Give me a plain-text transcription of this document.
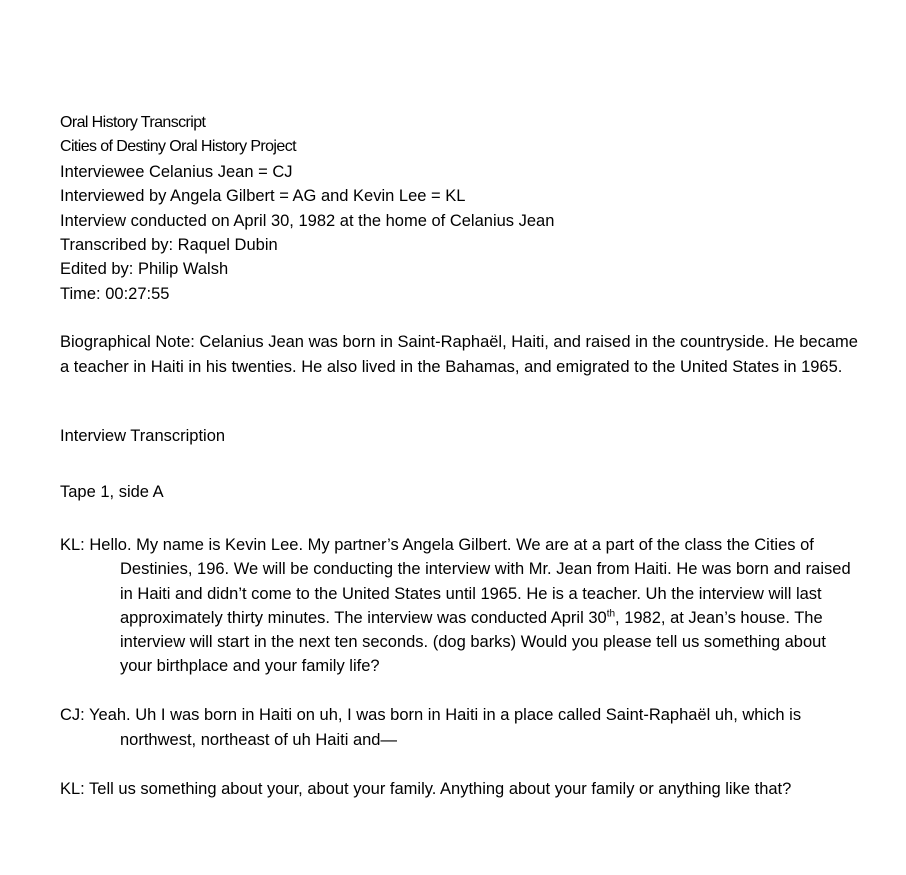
Oral History Transcript
Cities of Destiny Oral History Project
Interviewee Celanius Jean = CJ
Interviewed by Angela Gilbert = AG and Kevin Lee = KL
Interview conducted on April 30, 1982 at the home of Celanius Jean
Transcribed by: Raquel Dubin
Edited by: Philip Walsh
Time: 00:27:55
Biographical Note: Celanius Jean was born in Saint-Raphaël, Haiti, and raised in the countryside. He became a teacher in Haiti in his twenties. He also lived in the Bahamas, and emigrated to the United States in 1965.
Interview Transcription
Tape 1, side A
KL: Hello. My name is Kevin Lee. My partner’s Angela Gilbert. We are at a part of the class the Cities of Destinies, 196. We will be conducting the interview with Mr. Jean from Haiti. He was born and raised in Haiti and didn’t come to the United States until 1965. He is a teacher. Uh the interview will last approximately thirty minutes. The interview was conducted April 30th, 1982, at Jean’s house. The interview will start in the next ten seconds. (dog barks) Would you please tell us something about your birthplace and your family life?
CJ: Yeah. Uh I was born in Haiti on uh, I was born in Haiti in a place called Saint-Raphaël uh, which is northwest, northeast of uh Haiti and—
KL: Tell us something about your, about your family. Anything about your family or anything like that?
